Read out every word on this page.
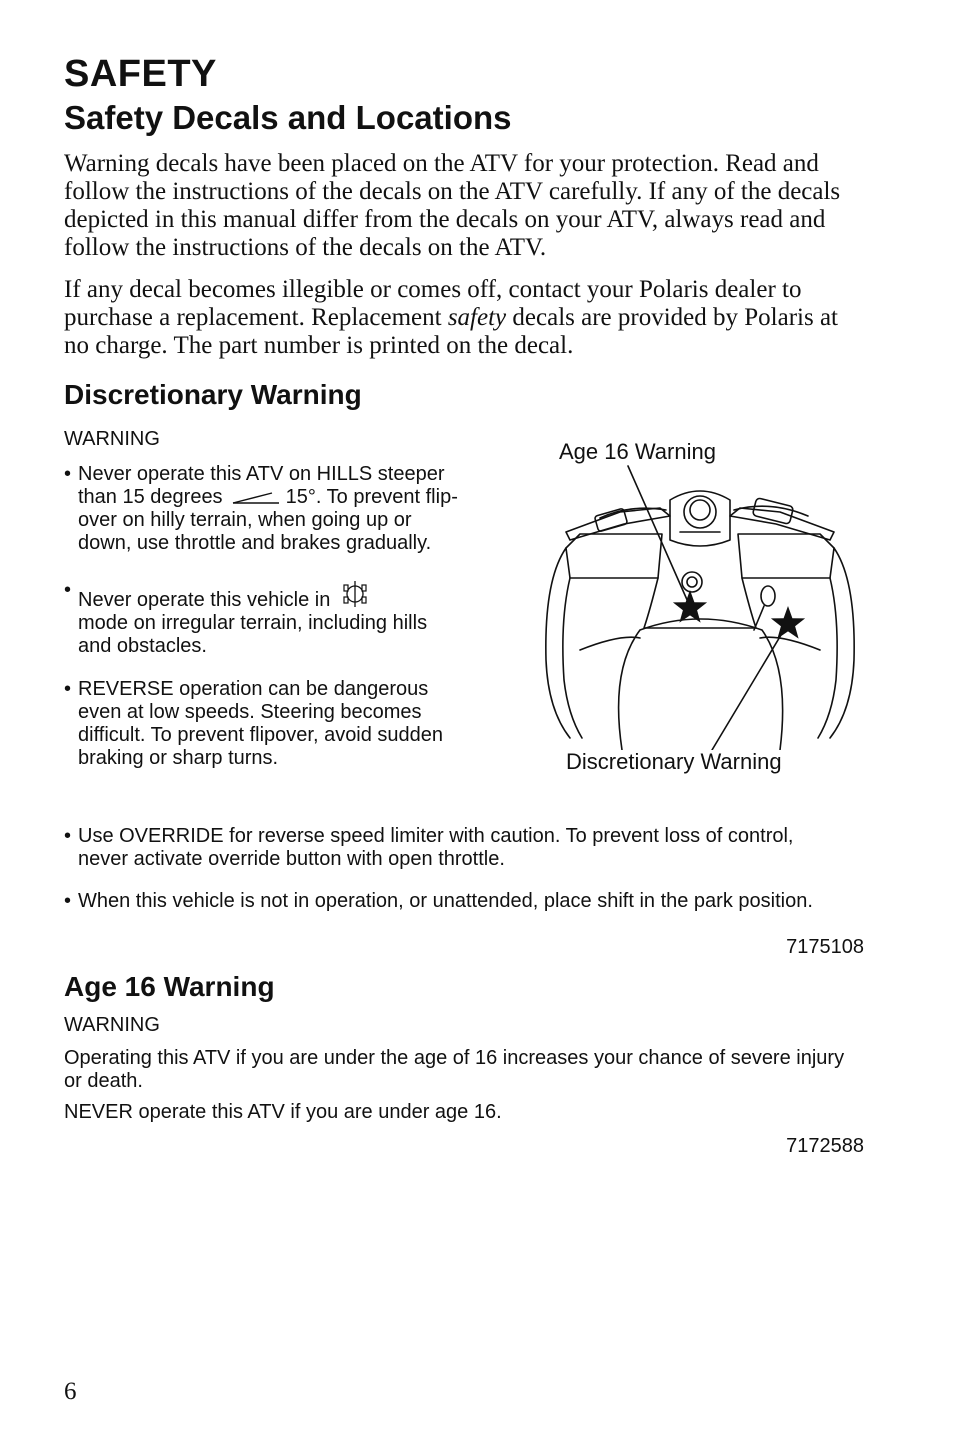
SAFETY
Safety Decals and Locations

Warning decals have been placed on the ATV for your protection. Read and follow the instructions of the decals on the ATV carefully. If any of the decals depicted in this manual differ from the decals on your ATV, always read and follow the instructions of the decals on the ATV.

If any decal becomes illegible or comes off, contact your Polaris dealer to purchase a replacement. Replacement safety decals are provided by Polaris at no charge. The part number is printed on the decal.

Discretionary Warning

WARNING

• Never operate this ATV on HILLS steeper than 15 degrees	15°. To prevent flip-over on hilly terrain, when going up or down, use throttle and brakes gradually.
• Never operate this vehicle in
mode on irregular terrain, including hills and obstacles.
• REVERSE operation can be dangerous even at low speeds. Steering becomes difficult. To prevent flipover, avoid sudden braking or sharp turns.
• Use OVERRIDE for reverse speed limiter with caution. To prevent loss of control, never activate override button with open throttle.
• When this vehicle is not in operation, or unattended, place shift in the park position.

7175108

Age 16 Warning
Discretionary Warning
Age 16 Warning

WARNING

Operating this ATV if you are under the age of 16 increases your chance of severe injury or death.

NEVER operate this ATV if you are under age 16.

7172588

6
